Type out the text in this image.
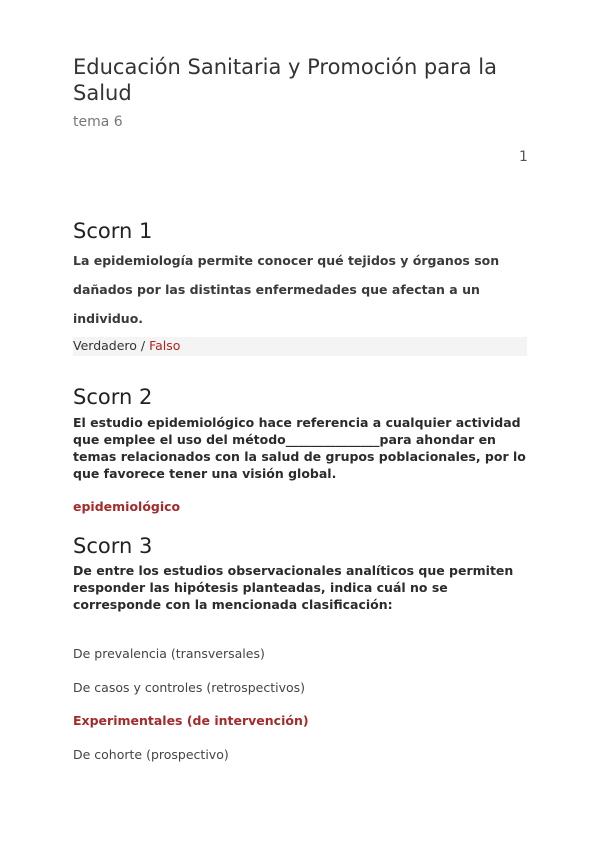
Educación Sanitaria y Promoción para la Salud
tema 6
1
Scorn 1
La epidemiología permite conocer qué tejidos y órganos son dañados por las distintas enfermedades que afectan a un individuo.
Verdadero / Falso
Scorn 2
El estudio epidemiológico hace referencia a cualquier actividad que emplee el uso del método_______________para ahondar en temas relacionados con la salud de grupos poblacionales, por lo que favorece tener una visión global.
epidemiológico
Scorn 3
De entre los estudios observacionales analíticos que permiten responder las hipótesis planteadas, indica cuál no se corresponde con la mencionada clasificación:
De prevalencia (transversales)
De casos y controles (retrospectivos)
Experimentales (de intervención)
De cohorte (prospectivo)
